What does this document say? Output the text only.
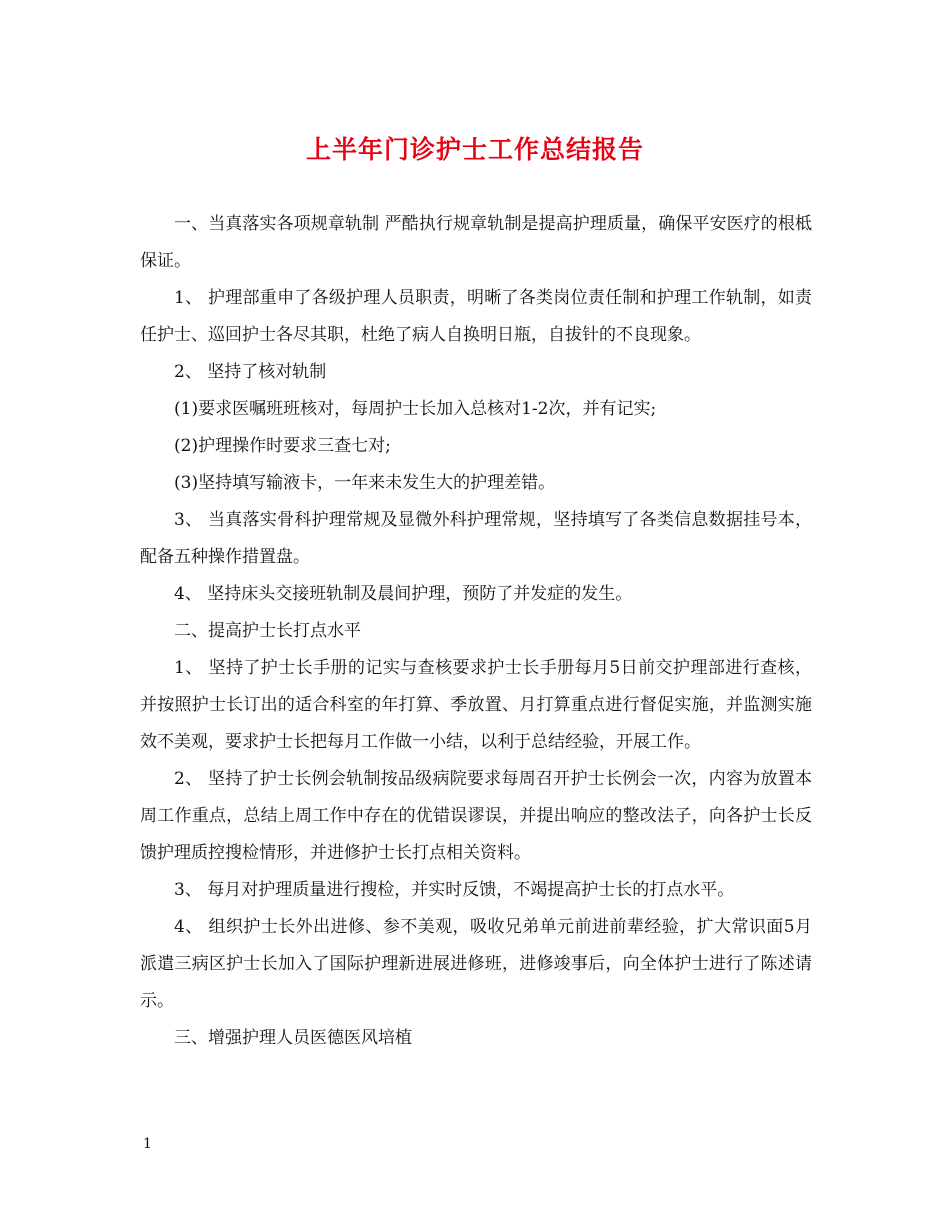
上半年门诊护士工作总结报告

一、当真落实各项规章轨制 严酷执行规章轨制是提高护理质量，确保平安医疗的根柢保证。

1、 护理部重申了各级护理人员职责，明晰了各类岗位责任制和护理工作轨制，如责任护士、巡回护士各尽其职，杜绝了病人自换明日瓶，自拔针的不良现象。

2、 坚持了核对轨制

(1)要求医嘱班班核对，每周护士长加入总核对1-2次，并有记实;

(2)护理操作时要求三查七对;

(3)坚持填写输液卡，一年来未发生大的护理差错。

3、 当真落实骨科护理常规及显微外科护理常规，坚持填写了各类信息数据挂号本，配备五种操作措置盘。

4、 坚持床头交接班轨制及晨间护理，预防了并发症的发生。

二、提高护士长打点水平

1、 坚持了护士长手册的记实与查核要求护士长手册每月5日前交护理部进行查核，并按照护士长订出的适合科室的年打算、季放置、月打算重点进行督促实施，并监测实施效不美观，要求护士长把每月工作做一小结，以利于总结经验，开展工作。

2、 坚持了护士长例会轨制按品级病院要求每周召开护士长例会一次，内容为放置本周工作重点，总结上周工作中存在的优错误谬误，并提出响应的整改法子，向各护士长反馈护理质控搜检情形，并进修护士长打点相关资料。

3、 每月对护理质量进行搜检，并实时反馈，不竭提高护士长的打点水平。

4、 组织护士长外出进修、参不美观，吸收兄弟单元前进前辈经验，扩大常识面5月派遣三病区护士长加入了国际护理新进展进修班，进修竣事后，向全体护士进行了陈述请示。

三、增强护理人员医德医风培植

1
